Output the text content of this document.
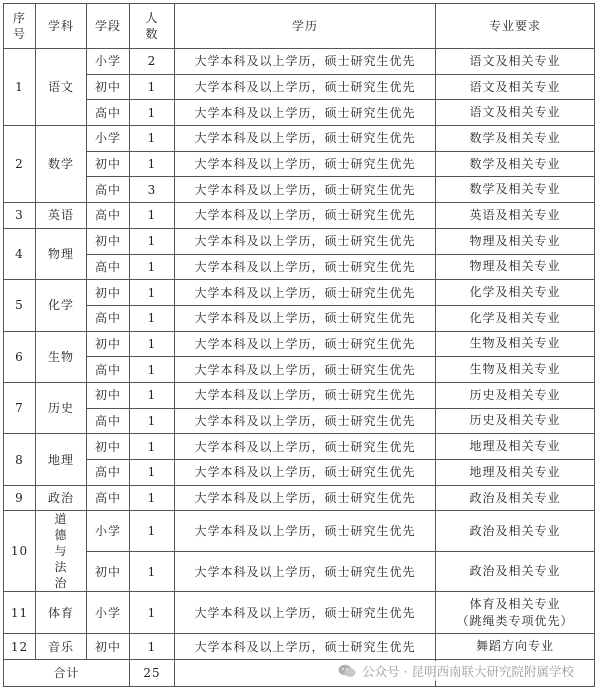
序号	学科	学段	人数	学历	专业要求
1	语文	小学	2	大学本科及以上学历，硕士研究生优先	语文及相关专业
		初中	1	大学本科及以上学历，硕士研究生优先	语文及相关专业
		高中	1	大学本科及以上学历，硕士研究生优先	语文及相关专业
2	数学	小学	1	大学本科及以上学历，硕士研究生优先	数学及相关专业
		初中	1	大学本科及以上学历，硕士研究生优先	数学及相关专业
		高中	3	大学本科及以上学历，硕士研究生优先	数学及相关专业
3	英语	高中	1	大学本科及以上学历，硕士研究生优先	英语及相关专业
4	物理	初中	1	大学本科及以上学历，硕士研究生优先	物理及相关专业
		高中	1	大学本科及以上学历，硕士研究生优先	物理及相关专业
5	化学	初中	1	大学本科及以上学历，硕士研究生优先	化学及相关专业
		高中	1	大学本科及以上学历，硕士研究生优先	化学及相关专业
6	生物	初中	1	大学本科及以上学历，硕士研究生优先	生物及相关专业
		高中	1	大学本科及以上学历，硕士研究生优先	生物及相关专业
7	历史	初中	1	大学本科及以上学历，硕士研究生优先	历史及相关专业
		高中	1	大学本科及以上学历，硕士研究生优先	历史及相关专业
8	地理	初中	1	大学本科及以上学历，硕士研究生优先	地理及相关专业
		高中	1	大学本科及以上学历，硕士研究生优先	地理及相关专业
9	政治	高中	1	大学本科及以上学历，硕士研究生优先	政治及相关专业
10	道德与法治	小学	1	大学本科及以上学历，硕士研究生优先	政治及相关专业
		初中	1	大学本科及以上学历，硕士研究生优先	政治及相关专业
11	体育	小学	1	大学本科及以上学历，硕士研究生优先	体育及相关专业
（跳绳类专项优先）
12	音乐	初中	1	大学本科及以上学历，硕士研究生优先	舞蹈方向专业
合计			25			公众号 · 昆明西南联大研究院附属学校
